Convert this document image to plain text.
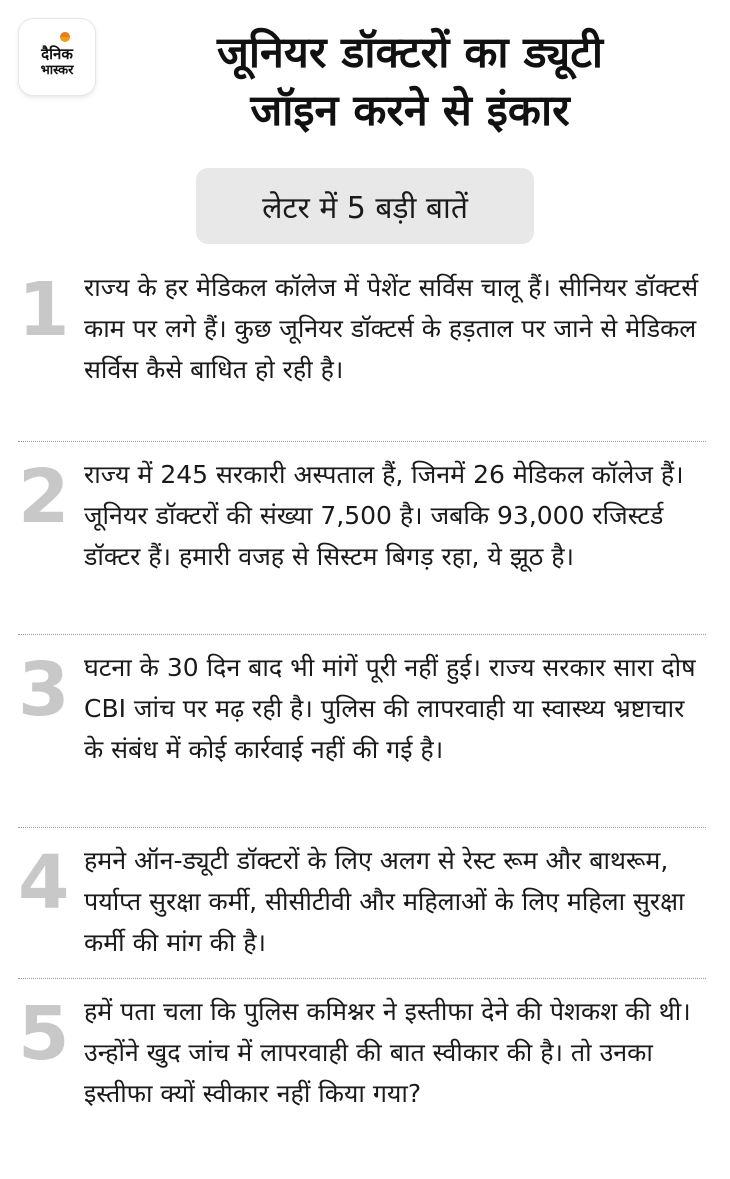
दैनिक
भास्कर	जूनियर डॉक्टरों का ड्यूटी
जॉइन करने से इंकार
लेटर में 5 बड़ी बातें
1 राज्य के हर मेडिकल कॉलेज में पेशेंट सर्विस चालू हैं। सीनियर डॉक्टर्स काम पर लगे हैं। कुछ जूनियर डॉक्टर्स के हड़ताल पर जाने से मेडिकल सर्विस कैसे बाधित हो रही है।
2 राज्य में 245 सरकारी अस्पताल हैं, जिनमें 26 मेडिकल कॉलेज हैं। जूनियर डॉक्टरों की संख्या 7,500 है। जबकि 93,000 रजिस्टर्ड डॉक्टर हैं। हमारी वजह से सिस्टम बिगड़ रहा, ये झूठ है।
3 घटना के 30 दिन बाद भी मांगें पूरी नहीं हुई। राज्य सरकार सारा दोष CBI जांच पर मढ़ रही है। पुलिस की लापरवाही या स्वास्थ्य भ्रष्टाचार के संबंध में कोई कार्रवाई नहीं की गई है।
4 हमने ऑन-ड्यूटी डॉक्टरों के लिए अलग से रेस्ट रूम और बाथरूम, पर्याप्त सुरक्षा कर्मी, सीसीटीवी और महिलाओं के लिए महिला सुरक्षा कर्मी की मांग की है।
5 हमें पता चला कि पुलिस कमिश्नर ने इस्तीफा देने की पेशकश की थी। उन्होंने खुद जांच में लापरवाही की बात स्वीकार की है। तो उनका इस्तीफा क्यों स्वीकार नहीं किया गया?
